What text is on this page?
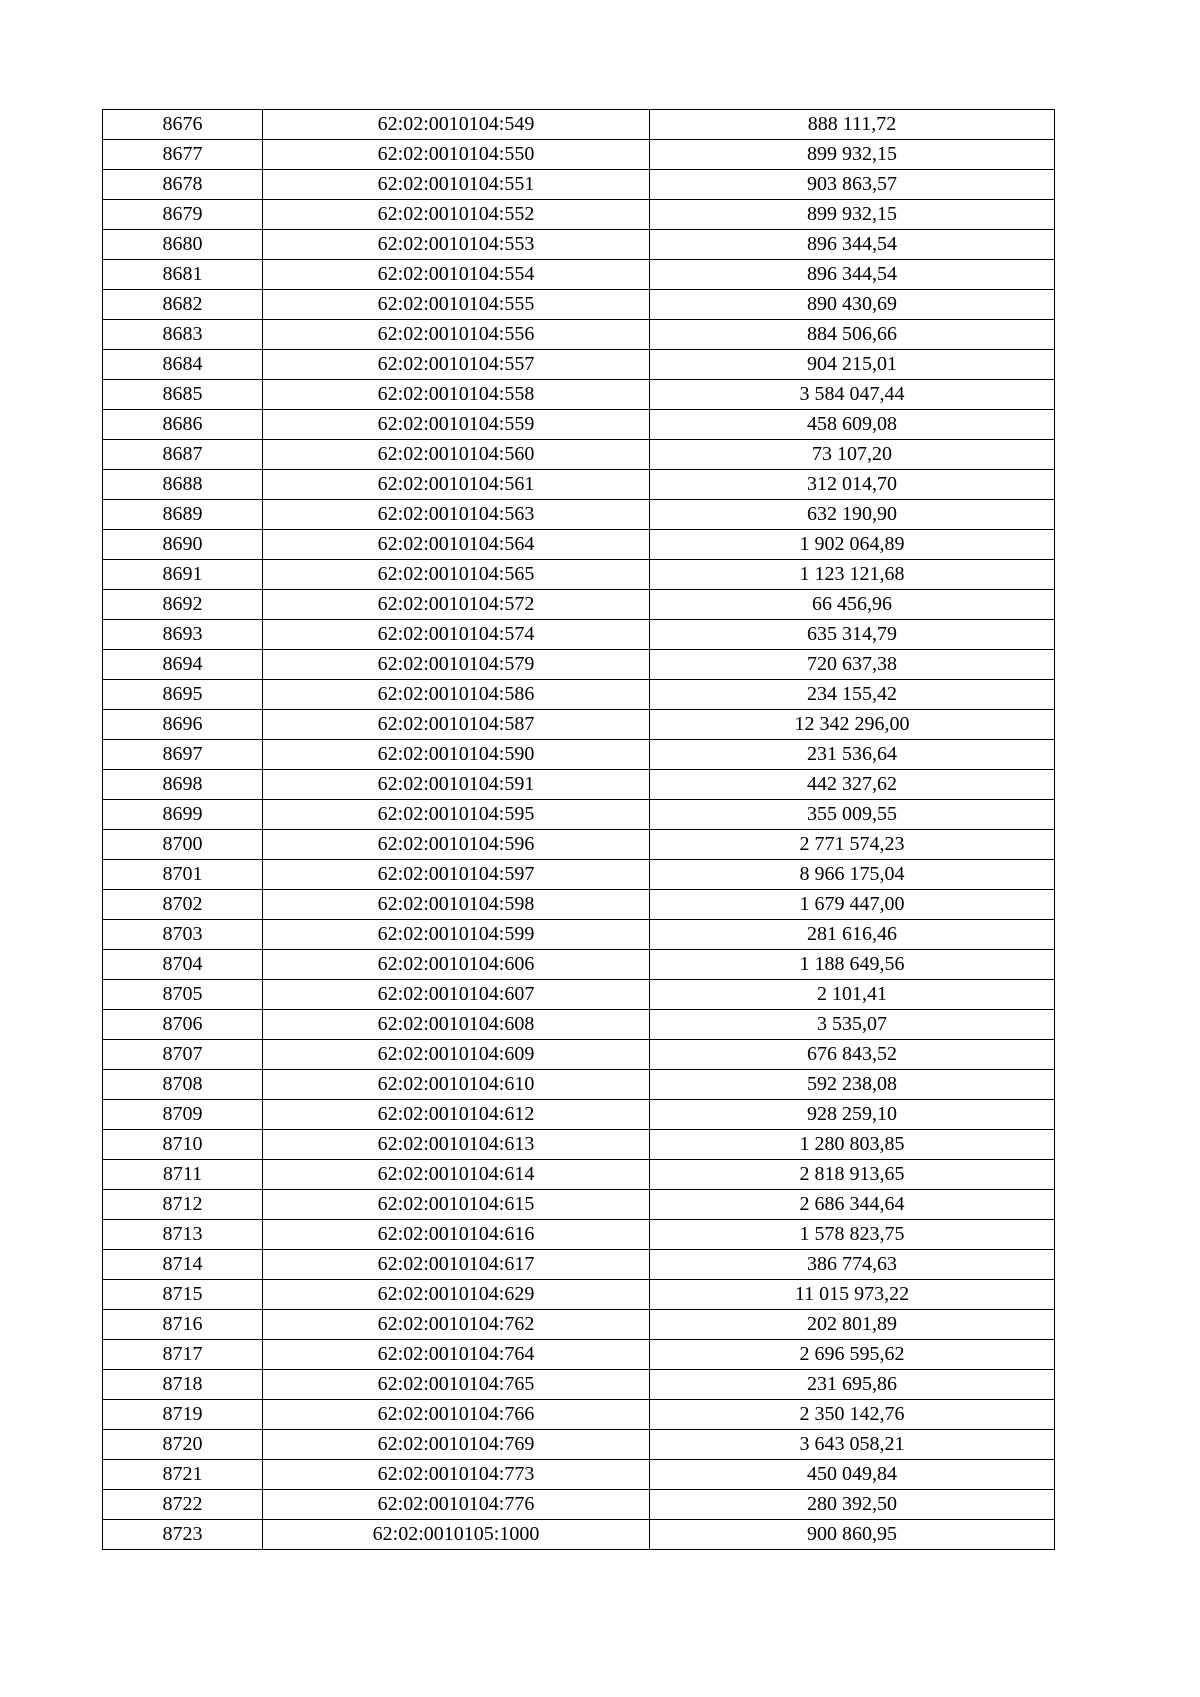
8676	62:02:0010104:549	888 111,72
8677	62:02:0010104:550	899 932,15
8678	62:02:0010104:551	903 863,57
8679	62:02:0010104:552	899 932,15
8680	62:02:0010104:553	896 344,54
8681	62:02:0010104:554	896 344,54
8682	62:02:0010104:555	890 430,69
8683	62:02:0010104:556	884 506,66
8684	62:02:0010104:557	904 215,01
8685	62:02:0010104:558	3 584 047,44
8686	62:02:0010104:559	458 609,08
8687	62:02:0010104:560	73 107,20
8688	62:02:0010104:561	312 014,70
8689	62:02:0010104:563	632 190,90
8690	62:02:0010104:564	1 902 064,89
8691	62:02:0010104:565	1 123 121,68
8692	62:02:0010104:572	66 456,96
8693	62:02:0010104:574	635 314,79
8694	62:02:0010104:579	720 637,38
8695	62:02:0010104:586	234 155,42
8696	62:02:0010104:587	12 342 296,00
8697	62:02:0010104:590	231 536,64
8698	62:02:0010104:591	442 327,62
8699	62:02:0010104:595	355 009,55
8700	62:02:0010104:596	2 771 574,23
8701	62:02:0010104:597	8 966 175,04
8702	62:02:0010104:598	1 679 447,00
8703	62:02:0010104:599	281 616,46
8704	62:02:0010104:606	1 188 649,56
8705	62:02:0010104:607	2 101,41
8706	62:02:0010104:608	3 535,07
8707	62:02:0010104:609	676 843,52
8708	62:02:0010104:610	592 238,08
8709	62:02:0010104:612	928 259,10
8710	62:02:0010104:613	1 280 803,85
8711	62:02:0010104:614	2 818 913,65
8712	62:02:0010104:615	2 686 344,64
8713	62:02:0010104:616	1 578 823,75
8714	62:02:0010104:617	386 774,63
8715	62:02:0010104:629	11 015 973,22
8716	62:02:0010104:762	202 801,89
8717	62:02:0010104:764	2 696 595,62
8718	62:02:0010104:765	231 695,86
8719	62:02:0010104:766	2 350 142,76
8720	62:02:0010104:769	3 643 058,21
8721	62:02:0010104:773	450 049,84
8722	62:02:0010104:776	280 392,50
8723	62:02:0010105:1000	900 860,95
